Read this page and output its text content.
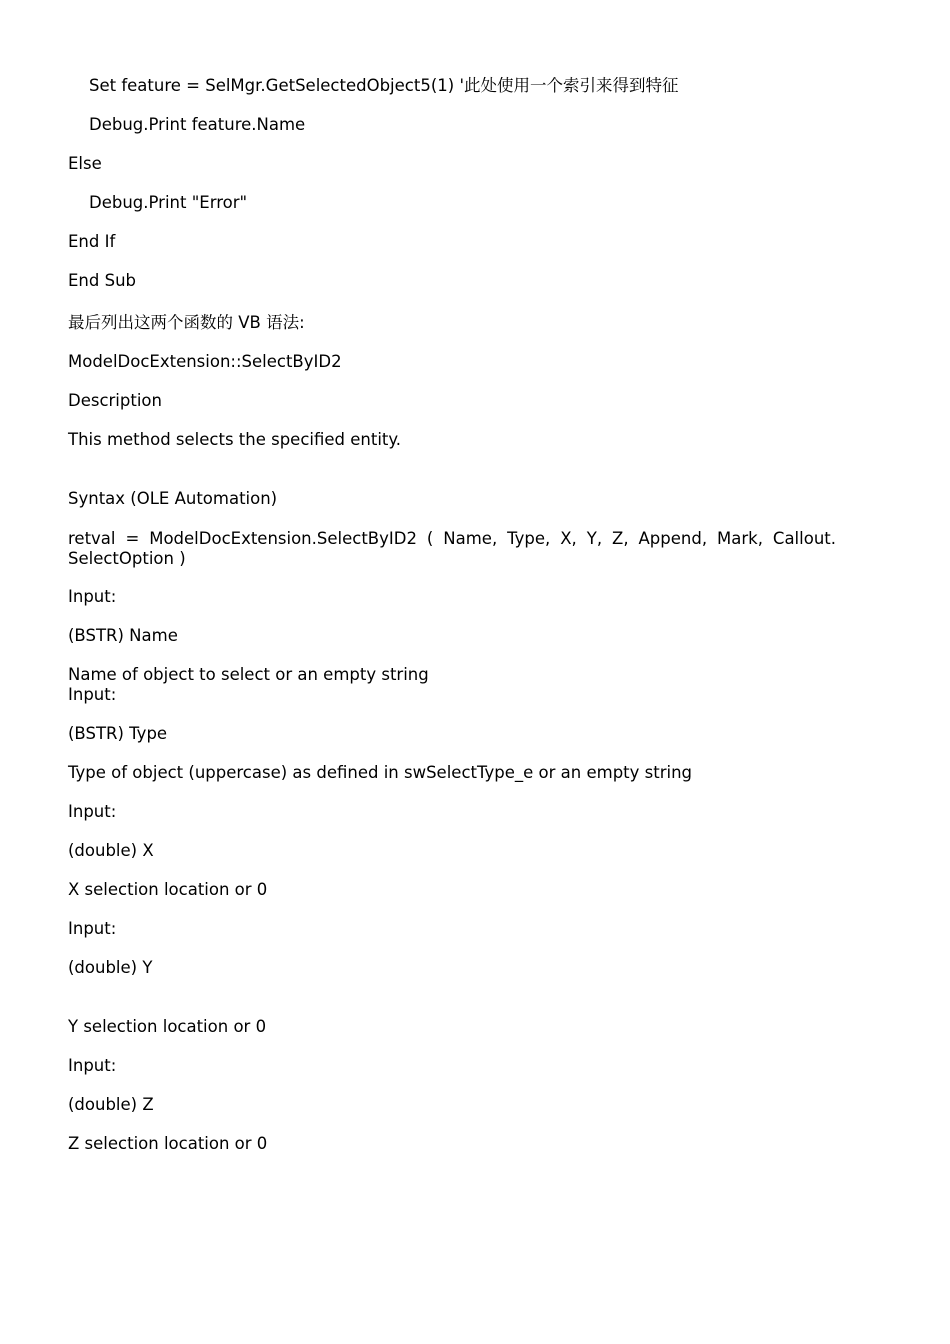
Set feature = SelMgr.GetSelectedObject5(1) '此处使用一个索引来得到特征
Debug.Print feature.Name
Else
Debug.Print "Error"
End If
End Sub
最后列出这两个函数的 VB 语法:
ModelDocExtension::SelectByID2
Description
This method selects the specified entity.
Syntax (OLE Automation)
retval = ModelDocExtension.SelectByID2 ( Name, Type, X, Y, Z, Append, Mark, Callout. SelectOption )
Input:
(BSTR) Name
Name of object to select or an empty string
Input:
(BSTR) Type
Type of object (uppercase) as defined in swSelectType_e or an empty string
Input:
(double) X
X selection location or 0
Input:
(double) Y
Y selection location or 0
Input:
(double) Z
Z selection location or 0
